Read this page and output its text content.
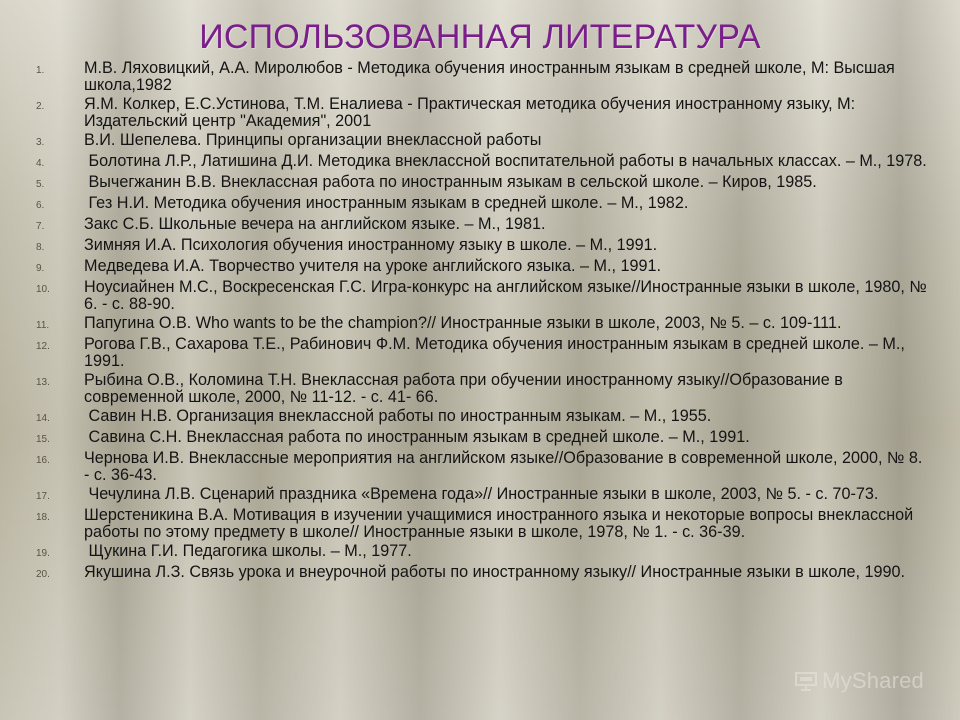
ИСПОЛЬЗОВАННАЯ ЛИТЕРАТУРА
1.	М.В. Ляховицкий, А.А. Миролюбов - Методика обучения иностранным языкам в средней школе, М: Высшая школа,1982
2.	Я.М. Колкер, Е.С.Устинова, Т.М. Еналиева - Практическая методика обучения иностранному языку, М: Издательский центр "Академия", 2001
3.	В.И. Шепелева. Принципы организации внеклассной работы
4.	Болотина Л.Р., Латишина Д.И. Методика внеклассной воспитательной работы в начальных классах. – М., 1978.
5.	Вычегжанин В.В. Внеклассная работа по иностранным языкам в сельской школе. – Киров, 1985.
6.	Гез Н.И. Методика обучения иностранным языкам в средней школе. – М., 1982.
7.	Закс С.Б. Школьные вечера на английском языке. – М., 1981.
8.	Зимняя И.А. Психология обучения иностранному языку в школе. – М., 1991.
9.	Медведева И.А. Творчество учителя на уроке английского языка. – М., 1991.
10.	Ноусиайнен М.С., Воскресенская Г.С. Игра-конкурс на английском языке//Иностранные языки в школе, 1980, № 6. - с. 88-90.
11.	Папугина О.В. Who wants to be the champion?// Иностранные языки в школе, 2003, № 5. – с. 109-111.
12.	Рогова Г.В., Сахарова Т.Е., Рабинович Ф.М. Методика обучения иностранным языкам в средней школе. – М., 1991.
13.	Рыбина О.В., Коломина Т.Н. Внеклассная работа при обучении иностранному языку//Образование в современной школе, 2000, № 11-12. - с. 41- 66.
14.	Савин Н.В. Организация внеклассной работы по иностранным языкам. – М., 1955.
15.	Савина С.Н. Внеклассная работа по иностранным языкам в средней школе. – М., 1991.
16.	Чернова И.В. Внеклассные мероприятия на английском языке//Образование в современной школе, 2000, № 8. - с. 36-43.
17.	Чечулина Л.В. Сценарий праздника «Времена года»// Иностранные языки в школе, 2003, № 5. - с. 70-73.
18.	Шерстеникина В.А. Мотивация в изучении учащимися иностранного языка и некоторые вопросы внеклассной работы по этому предмету в школе// Иностранные языки в школе, 1978, № 1. - с. 36-39.
19.	Щукина Г.И. Педагогика школы. – М., 1977.
20.	Якушина Л.З. Связь урока и внеурочной работы по иностранному языку// Иностранные языки в школе, 1990.
MyShared
